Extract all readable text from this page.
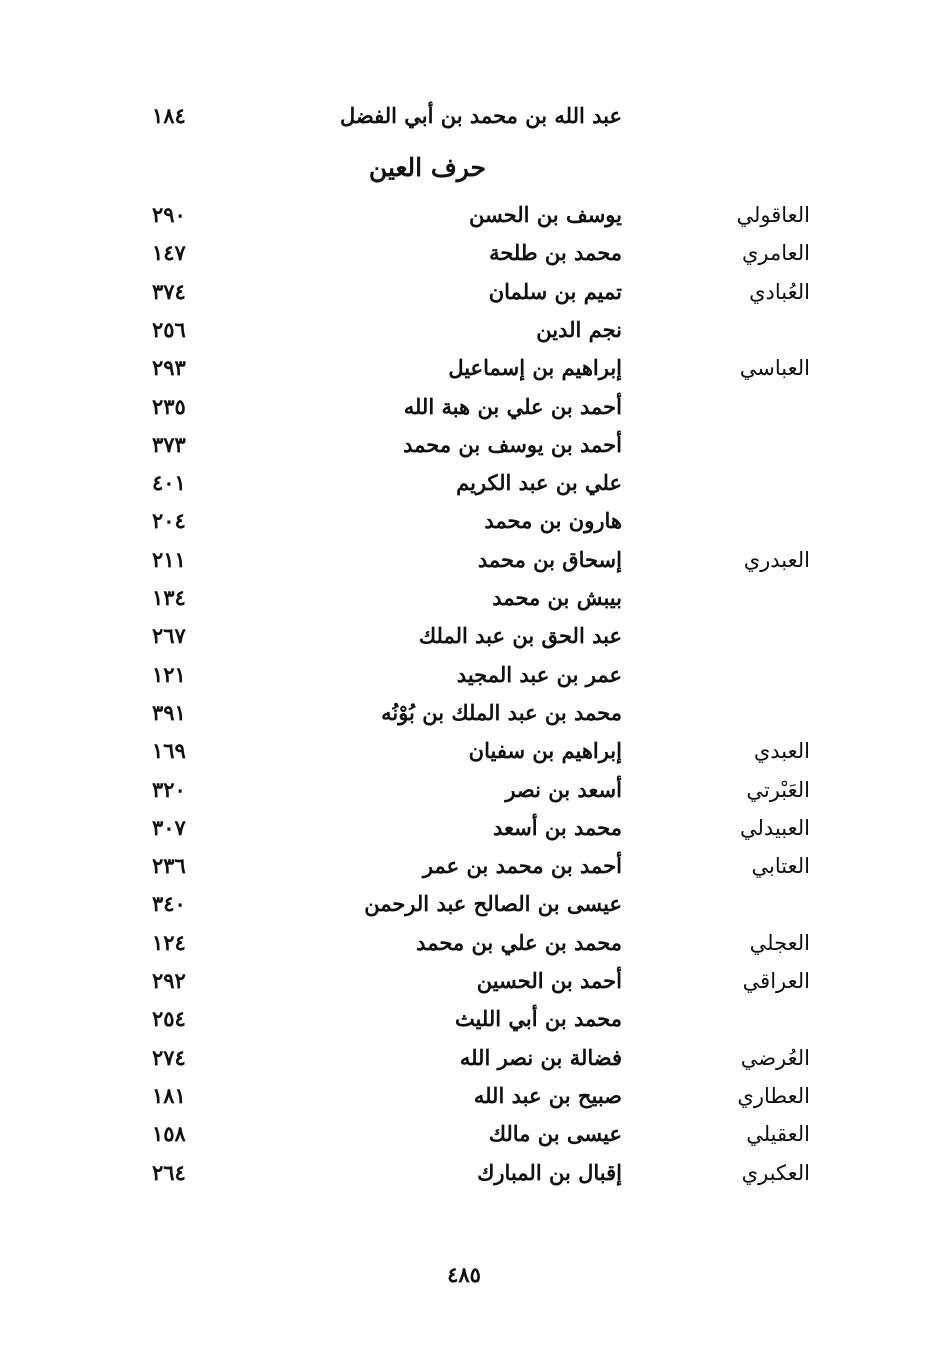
عبد الله بن محمد بن أبي الفضل
١٨٤
حرف العين
العاقولي
يوسف بن الحسن
٢٩٠
العامري
محمد بن طلحة
١٤٧
العُبادي
تميم بن سلمان
٣٧٤
نجم الدين
٢٥٦
العباسي
إبراهيم بن إسماعيل
٢٩٣
أحمد بن علي بن هبة الله
٢٣٥
أحمد بن يوسف بن محمد
٣٧٣
علي بن عبد الكريم
٤٠١
هارون بن محمد
٢٠٤
العبدري
إسحاق بن محمد
٢١١
بيبش بن محمد
١٣٤
عبد الحق بن عبد الملك
٢٦٧
عمر بن عبد المجيد
١٢١
محمد بن عبد الملك بن بُوْنُه
٣٩١
العبدي
إبراهيم بن سفيان
١٦٩
العَبْرتي
أسعد بن نصر
٣٢٠
العبيدلي
محمد بن أسعد
٣٠٧
العتابي
أحمد بن محمد بن عمر
٢٣٦
عيسى بن الصالح عبد الرحمن
٣٤٠
العجلي
محمد بن علي بن محمد
١٢٤
العراقي
أحمد بن الحسين
٢٩٢
محمد بن أبي الليث
٢٥٤
العُرضي
فضالة بن نصر الله
٢٧٤
العطاري
صبيح بن عبد الله
١٨١
العقيلي
عيسى بن مالك
١٥٨
العكبري
إقبال بن المبارك
٢٦٤
٤٨٥
